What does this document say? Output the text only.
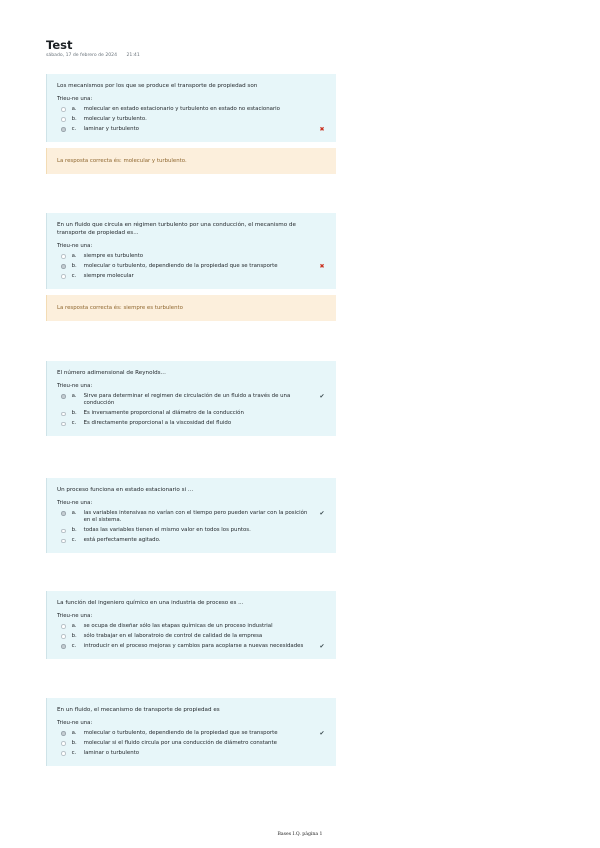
Test
sábado, 17 de febrero de 2024 21:41
Los mecanismos por los que se produce el transporte de propiedad son
Trieu-ne una:
a.	molecular en estado estacionario y turbulento en estado no estacionario
b.	molecular y turbulento.
c.	laminar y turbulento	✖
La resposta correcta és: molecular y turbulento.
En un fluido que circula en régimen turbulento por una conducción, el mecanismo de transporte de propiedad es...
Trieu-ne una:
a.	siempre es turbulento
b.	molecular o turbulento, dependiendo de la propiedad que se transporte	✖
c.	siempre molecular
La resposta correcta és: siempre es turbulento
El número adimensional de Reynolds...
Trieu-ne una:
a.	Sirve para determinar el regimen de circulación de un fluido a través de una conducción
✔
b.	Es inversamente proporcional al diámetro de la conducción
c.	Es directamente proporcional a la viscosidad del fluido
Un proceso funciona en estado estacionario si ...
Trieu-ne una:
a.	las variables intensivas no varían con el tiempo pero pueden variar con la posición en el sistema.
✔
b.	todas las variables tienen el mismo valor en todos los puntos.
c.	está perfectamente agitado.
La función del ingeniero químico en una industria de proceso es ...
Trieu-ne una:
a.	se ocupa de diseñar sólo las etapas químicas de un proceso industrial
b.	sólo trabajar en el laboratroio de control de calidad de la empresa
c.	introducir en el proceso mejoras y cambios para acoplarse a nuevas necesidades	✔
En un fluido, el mecanismo de transporte de propiedad es
Trieu-ne una:
a.	molecular o turbulento, dependiendo de la propiedad que se transporte	✔
b.	molecular si el fluido circula por una conducción de diámetro constante
c.	laminar o turbulento
Bases I.Q. pàgina 1
